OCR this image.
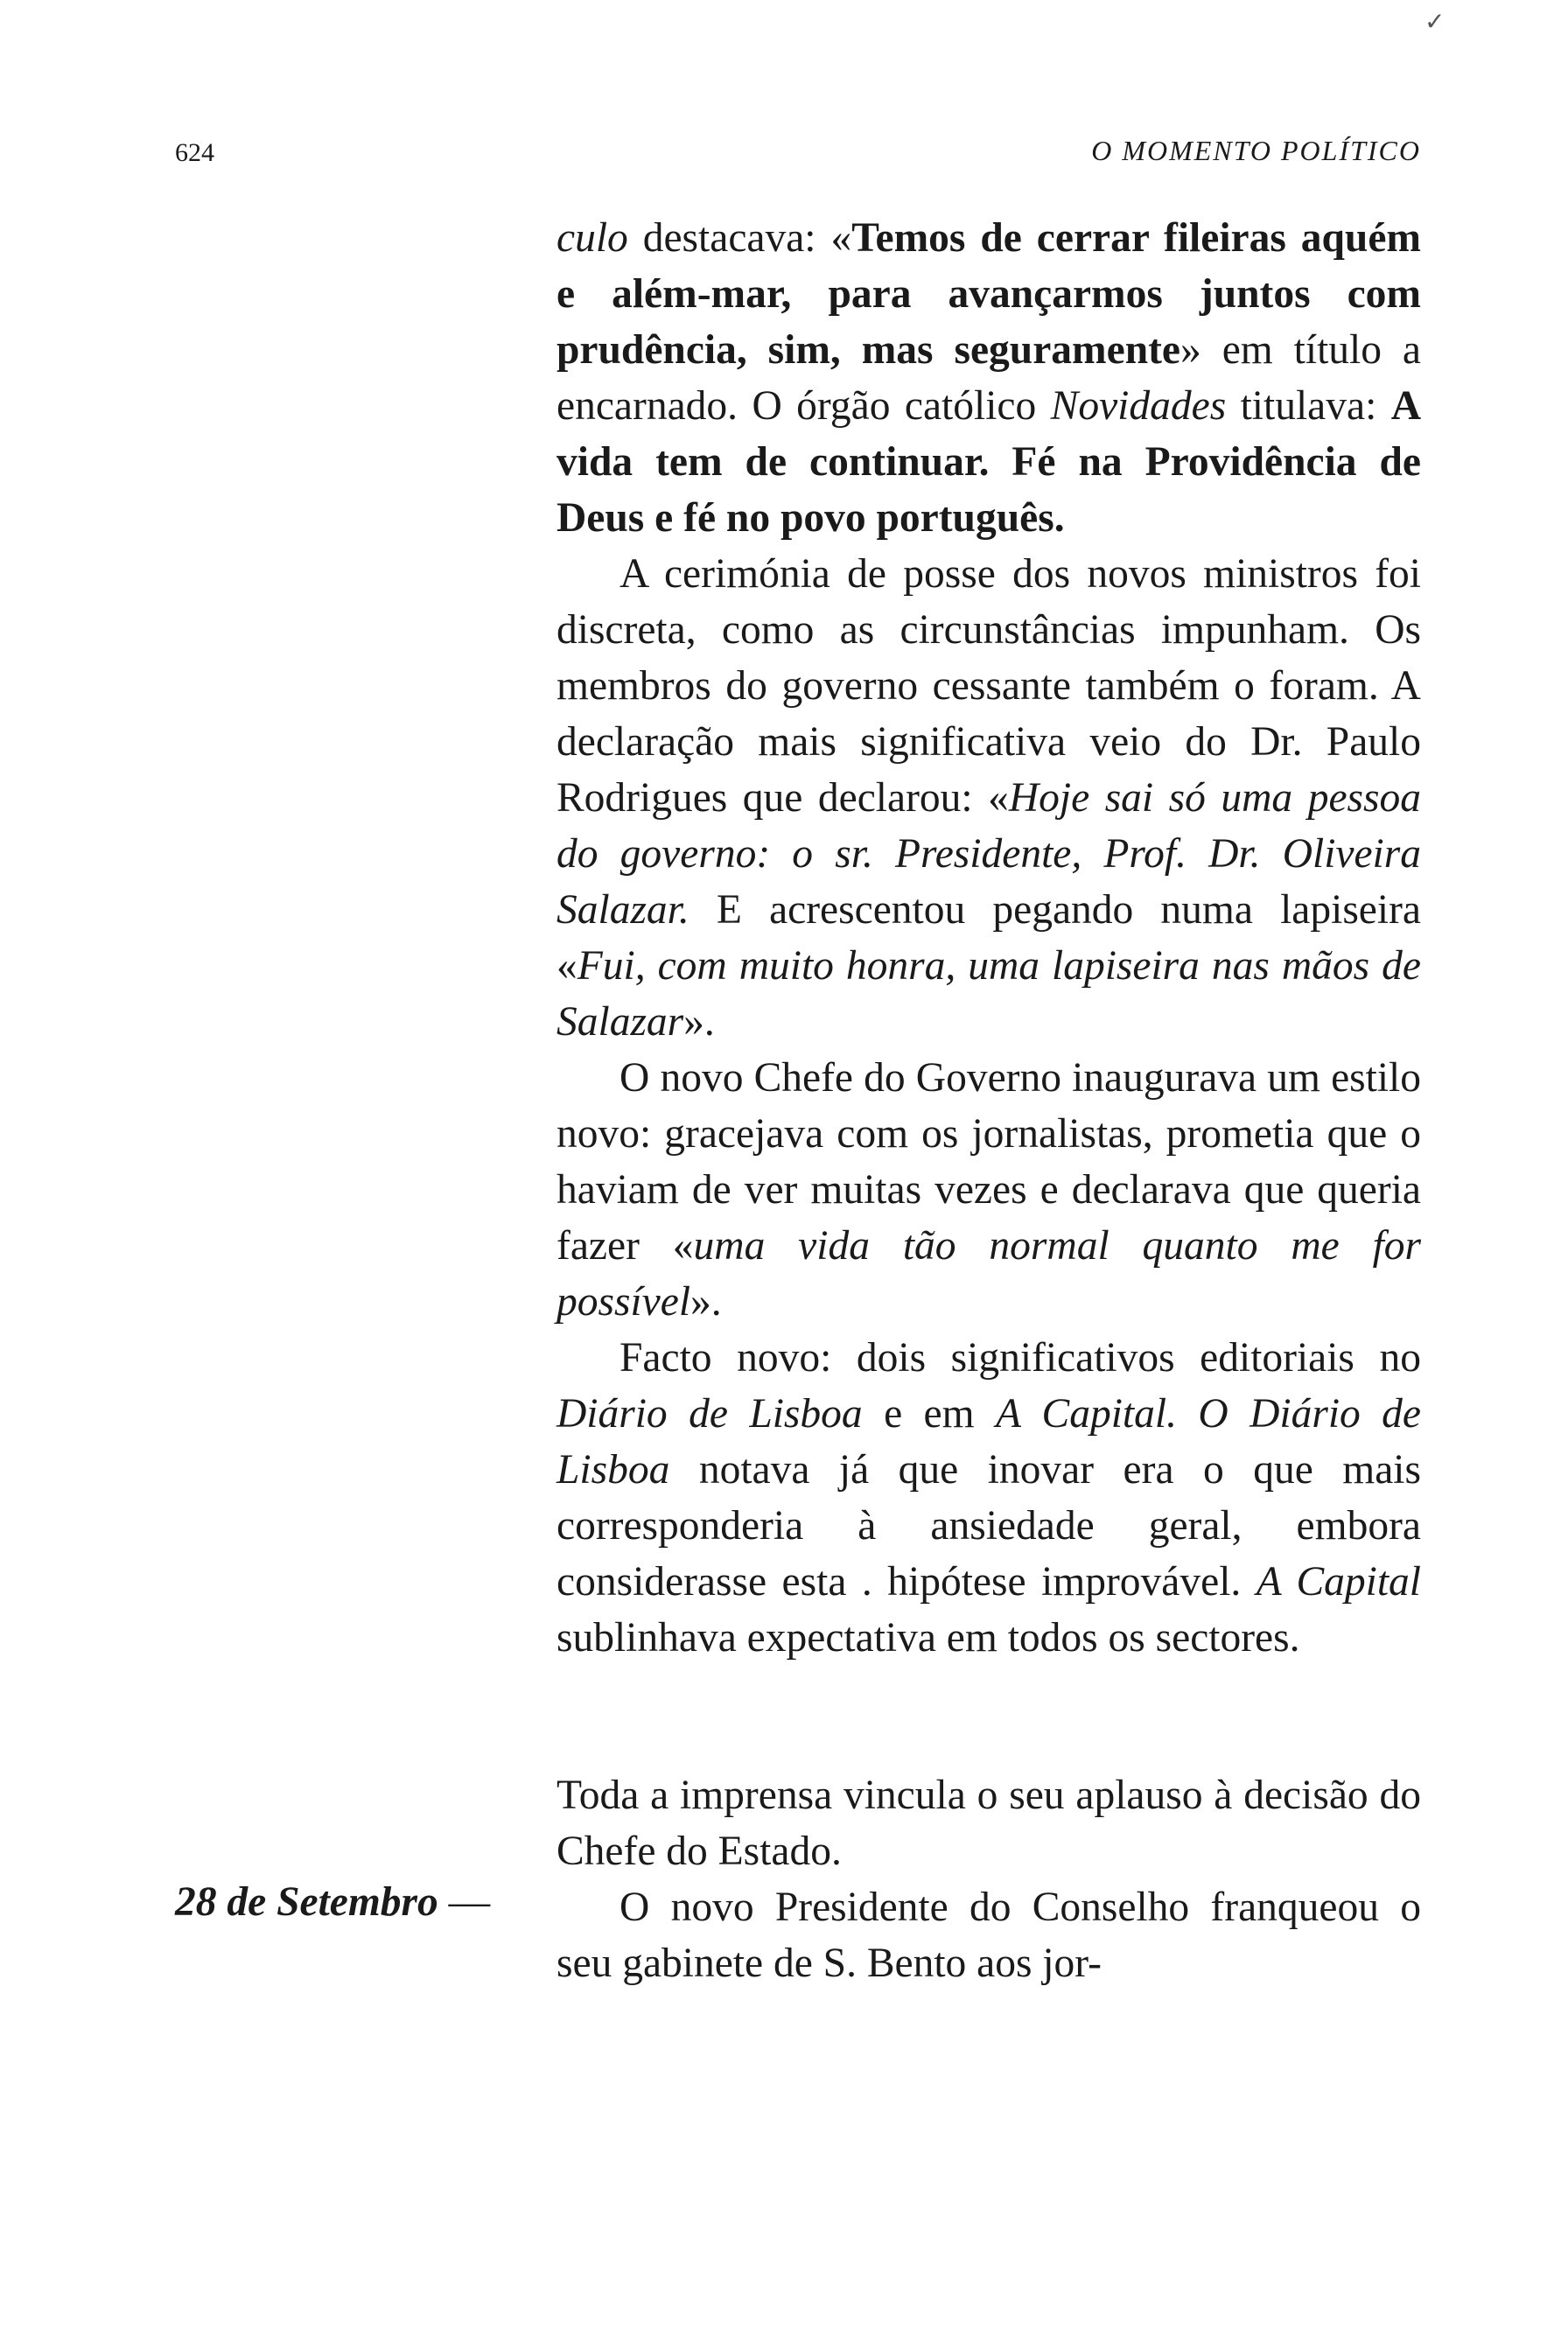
✓
624	O MOMENTO POLÍTICO

culo destacava: «Temos de cerrar fileiras aquém e além-mar, para avançarmos juntos com prudência, sim, mas seguramente» em título a encarnado. O órgão católico Novidades titulava: A vida tem de continuar. Fé na Providência de Deus e fé no povo português.

A cerimónia de posse dos novos ministros foi discreta, como as circunstâncias impunham. Os membros do governo cessante também o foram. A declaração mais significativa veio do Dr. Paulo Rodrigues que declarou: «Hoje sai só uma pessoa do governo: o sr. Presidente, Prof. Dr. Oliveira Salazar. E acrescentou pegando numa lapiseira «Fui, com muito honra, uma lapiseira nas mãos de Salazar».

O novo Chefe do Governo inaugurava um estilo novo: gracejava com os jornalistas, prometia que o haviam de ver muitas vezes e declarava que queria fazer «uma vida tão normal quanto me for possível».

Facto novo: dois significativos editoriais no Diário de Lisboa e em A Capital. O Diário de Lisboa notava já que inovar era o que mais corresponderia à ansiedade geral, embora considerasse esta . hipótese improvável. A Capital sublinhava expectativa em todos os sectores.

Toda a imprensa vincula o seu aplauso à decisão do Chefe do Estado.

O novo Presidente do Conselho franqueou o seu gabinete de S. Bento aos jor-

28 de Setembro —
